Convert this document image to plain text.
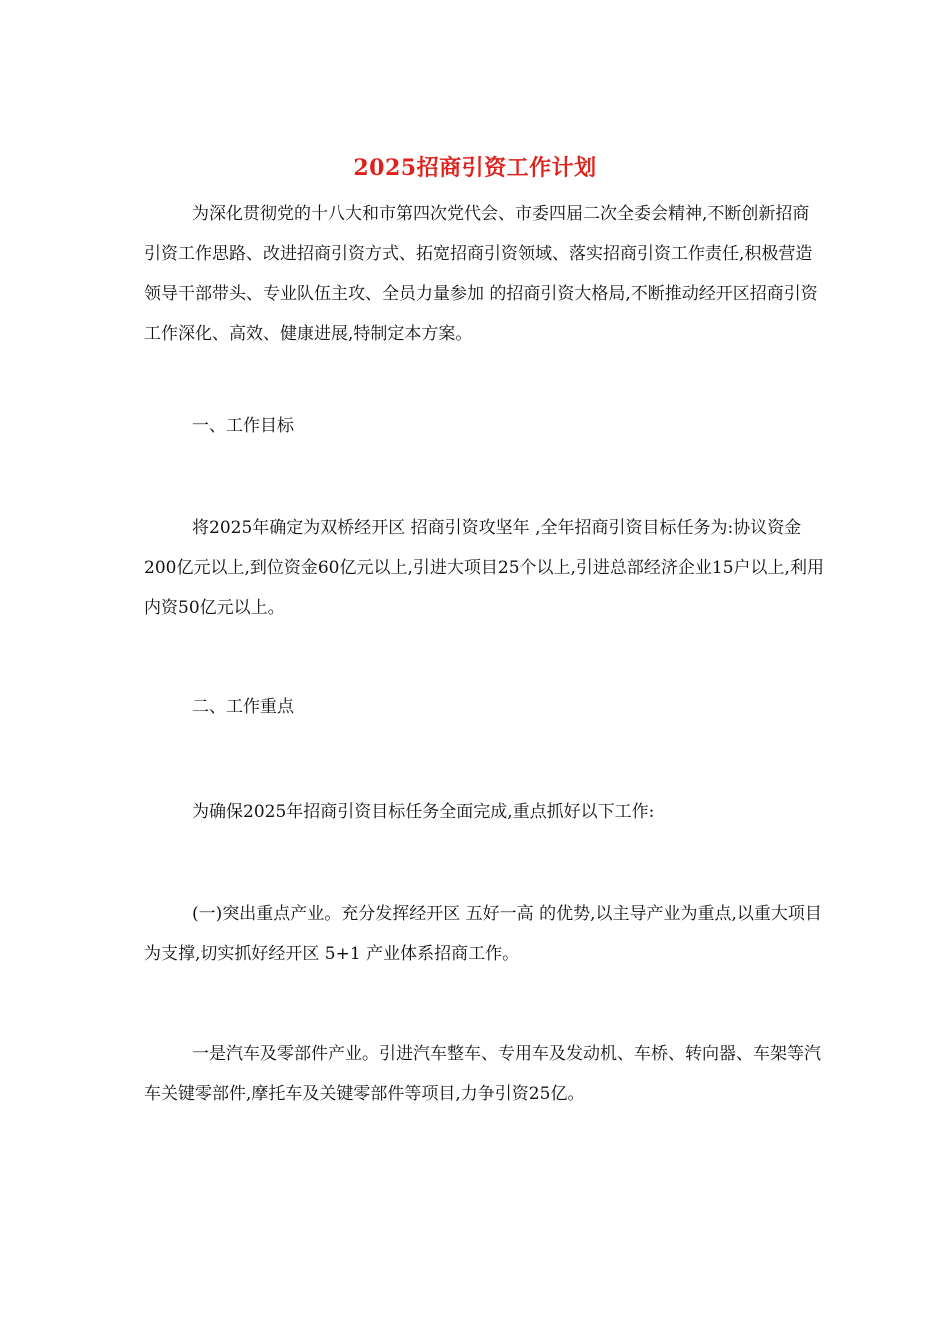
2025招商引资工作计划

为深化贯彻党的十八大和市第四次党代会、市委四届二次全委会精神,不断创新招商引资工作思路、改进招商引资方式、拓宽招商引资领域、落实招商引资工作责任,积极营造 领导干部带头、专业队伍主攻、全员力量参加 的招商引资大格局,不断推动经开区招商引资工作深化、高效、健康进展,特制定本方案。

一、工作目标

将2025年确定为双桥经开区 招商引资攻坚年 ,全年招商引资目标任务为:协议资金200亿元以上,到位资金60亿元以上,引进大项目25个以上,引进总部经济企业15户以上,利用内资50亿元以上。

二、工作重点

为确保2025年招商引资目标任务全面完成,重点抓好以下工作:

(一)突出重点产业。充分发挥经开区 五好一高 的优势,以主导产业为重点,以重大项目为支撑,切实抓好经开区 5+1 产业体系招商工作。

一是汽车及零部件产业。引进汽车整车、专用车及发动机、车桥、转向器、车架等汽车关键零部件,摩托车及关键零部件等项目,力争引资25亿。
